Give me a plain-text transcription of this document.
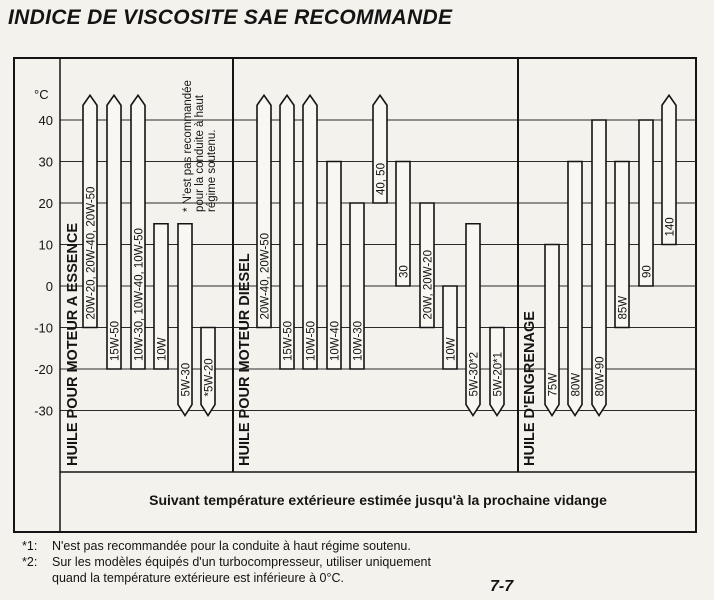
INDICE DE VISCOSITE SAE RECOMMANDE
°C
40
30
20
10
0
-10
-20
-30
Suivant température extérieure estimée jusqu'à la prochaine vidange
HUILE POUR MOTEUR A ESSENCE 20W-20, 20W-40, 20W-50
15W-50 10W-30, 10W-40, 10W-50 10W
5W-30 *5W-20 HUILE POUR MOTEUR DIESEL 20W-40, 20W-50
15W-50 10W-50 10W-40 10W-30
40, 50
30 20W, 20W-20
10W
5W-30*2 5W-20*1 HUILE D'ENGRENAGE 75W 80W 80W-90
85W
90
140
* N'est pas recommandée pour la conduite à haut régime soutenu.
*1:	N'est pas recommandée pour la conduite à haut régime soutenu.
*2:	Sur les modèles équipés d'un turbocompresseur, utiliser uniquement
quand la température extérieure est inférieure à 0°C.	7-7
